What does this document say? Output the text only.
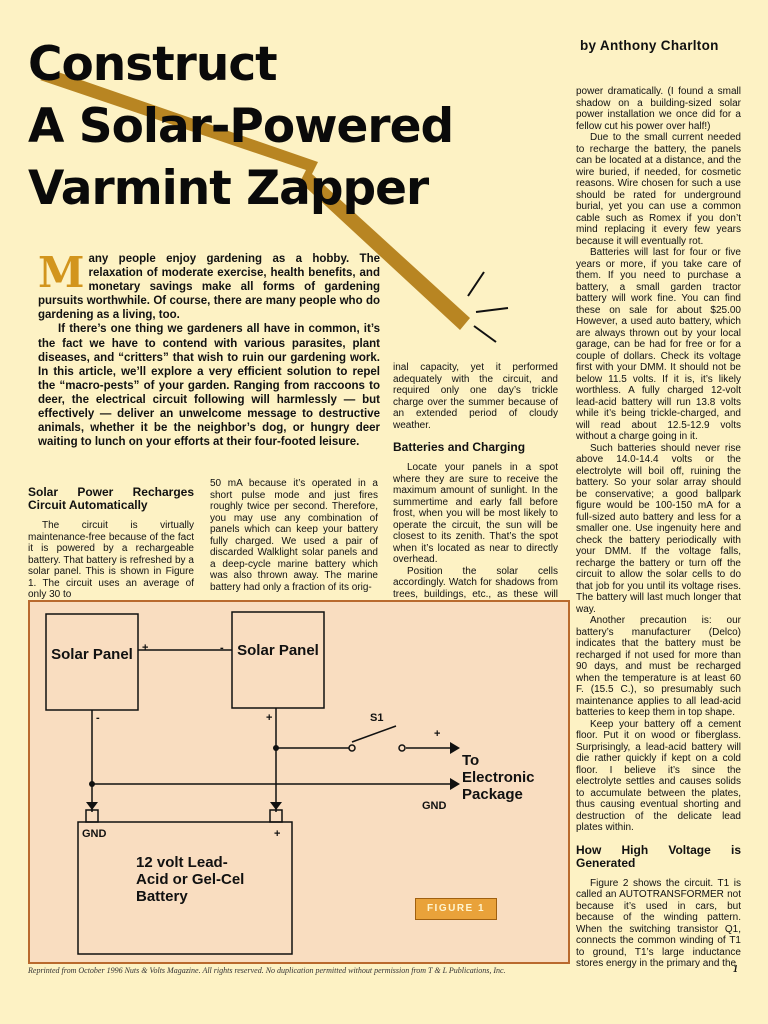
Construct
A Solar-Powered
Varmint Zapper
by Anthony Charlton

Many people enjoy gardening as a hobby. The relaxation of moderate exercise, health benefits, and monetary savings make all forms of gardening pursuits worthwhile. Of course, there are many people who do gardening as a living, too.

If there’s one thing we gardeners all have in common, it’s the fact we have to contend with various parasites, plant diseases, and “critters” that wish to ruin our gardening work. In this article, we’ll explore a very efficient solution to repel the “macro-pests” of your garden. Ranging from raccoons to deer, the electrical circuit following will harmlessly — but effectively — deliver an unwelcome message to destructive animals, whether it be the neighbor’s dog, or hungry deer waiting to lunch on your efforts at their four-footed leisure.

Solar Power Recharges Circuit Automatically

The circuit is virtually maintenance-free because of the fact it is powered by a rechargeable battery. That battery is refreshed by a solar panel. This is shown in Figure 1. The circuit uses an average of only 30 to

50 mA because it’s operated in a short pulse mode and just fires roughly twice per second. Therefore, you may use any combination of panels which can keep your battery fully charged. We used a pair of discarded Walklight solar panels and a deep-cycle marine battery which was also thrown away. The marine battery had only a fraction of its orig-

inal capacity, yet it performed adequately with the circuit, and required only one day’s trickle charge over the summer because of an extended period of cloudy weather.

Batteries and Charging

Locate your panels in a spot where they are sure to receive the maximum amount of sunlight. In the summertime and early fall before frost, when you will be most likely to operate the circuit, the sun will be closest to its zenith. That’s the spot when it’s located as near to directly overhead.

Position the solar cells accordingly. Watch for shadows from trees, buildings, etc., as these will

power dramatically. (I found a small shadow on a building-sized solar power installation we once did for a fellow cut his power over half!)

Due to the small current needed to recharge the battery, the panels can be located at a distance, and the wire buried, if needed, for cosmetic reasons. Wire chosen for such a use should be rated for underground burial, yet you can use a common cable such as Romex if you don’t mind replacing it every few years because it will eventually rot.

Batteries will last for four or five years or more, if you take care of them. If you need to purchase a battery, a small garden tractor battery will work fine. You can find these on sale for about $25.00 However, a used auto battery, which are always thrown out by your local garage, can be had for free or for a couple of dollars. Check its voltage first with your DMM. It should not be below 11.5 volts. If it is, it’s likely worthless. A fully charged 12-volt lead-acid battery will run 13.8 volts while it’s being trickle-charged, and will read about 12.5-12.9 volts without a charge going in it.

Such batteries should never rise above 14.0-14.4 volts or the electrolyte will boil off, ruining the battery. So your solar array should be conservative; a good ballpark figure would be 100-150 mA for a full-sized auto battery and less for a smaller one. Use ingenuity here and check the battery periodically with your DMM. If the voltage falls, recharge the battery or turn off the circuit to allow the solar cells to do that job for you until its voltage rises. The battery will last much longer that way.

Another precaution is: our battery’s manufacturer (Delco) indicates that the battery must be recharged if not used for more than 90 days, and must be recharged when the temperature is at least 60 F. (15.5 C.), so presumably such maintenance applies to all lead-acid batteries to keep them in top shape.

Keep your battery off a cement floor. Put it on wood or fiberglass. Surprisingly, a lead-acid battery will die rather quickly if kept on a cold floor. I believe it’s since the electrolyte settles and causes solids to accumulate between the plates, thus causing eventual shorting and destruction of the delicate lead plates within.

How High Voltage is Generated

Figure 2 shows the circuit. T1 is called an AUTOTRANSFORMER not because it’s used in cars, but because of the winding pattern. When the switching transistor Q1, connects the common winding of T1 to ground, T1’s large inductance stores energy in the primary and the

Solar Panel	Solar Panel
12 volt Lead-Acid or Gel-Cel Battery
To Electronic Package
+	-
-	+	S1
+
GND
GND	+
FIGURE 1
Reprinted from October 1996 Nuts & Volts Magazine. All rights reserved. No duplication permitted without permission from T & L Publications, Inc.	1
